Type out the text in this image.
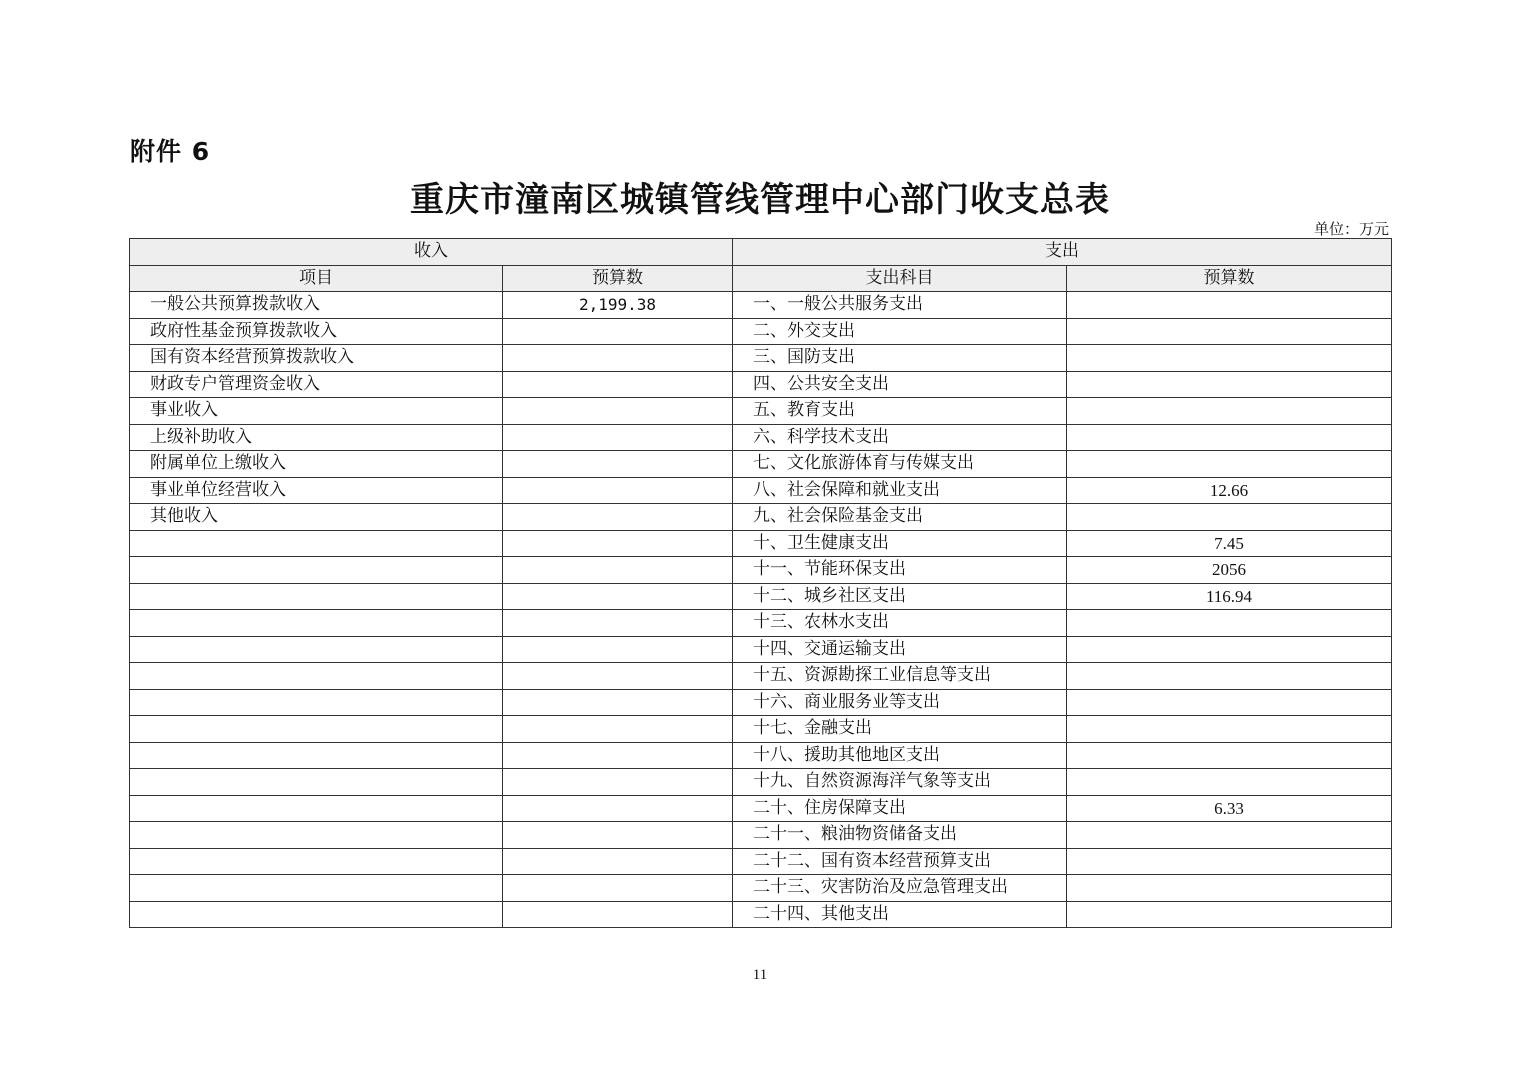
附件 6
重庆市潼南区城镇管线管理中心部门收支总表
单位：万元
收入		支出	
项目	预算数	支出科目	预算数
一般公共预算拨款收入	2,199.38	一、一般公共服务支出	
政府性基金预算拨款收入		二、外交支出	
国有资本经营预算拨款收入		三、国防支出	
财政专户管理资金收入		四、公共安全支出	
事业收入		五、教育支出	
上级补助收入		六、科学技术支出	
附属单位上缴收入		七、文化旅游体育与传媒支出	
事业单位经营收入		八、社会保障和就业支出	12.66
其他收入		九、社会保险基金支出	
		十、卫生健康支出	7.45
		十一、节能环保支出	2056
		十二、城乡社区支出	116.94
		十三、农林水支出	
		十四、交通运输支出	
		十五、资源勘探工业信息等支出	
		十六、商业服务业等支出	
		十七、金融支出	
		十八、援助其他地区支出	
		十九、自然资源海洋气象等支出	
		二十、住房保障支出	6.33
		二十一、粮油物资储备支出	
		二十二、国有资本经营预算支出	
		二十三、灾害防治及应急管理支出	
		二十四、其他支出	
11
